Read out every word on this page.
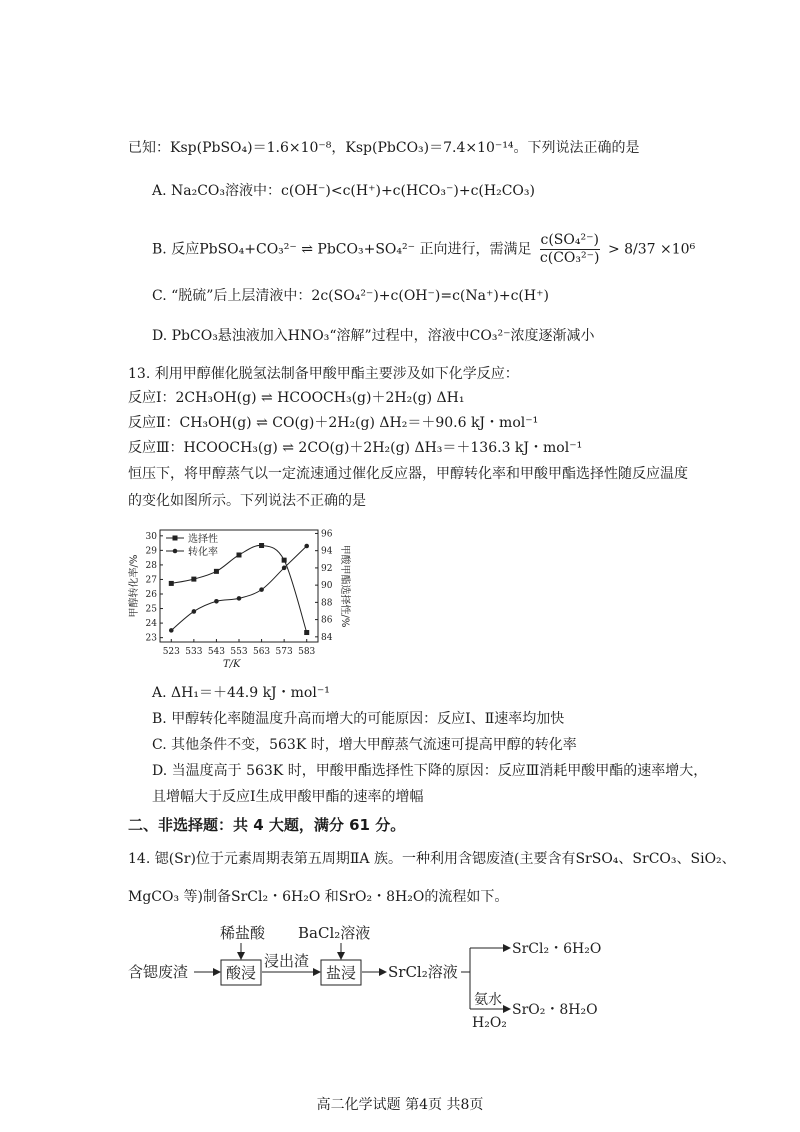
已知：Ksp(PbSO₄)＝1.6×10⁻⁸，Ksp(PbCO₃)＝7.4×10⁻¹⁴。下列说法正确的是
A. Na₂CO₃溶液中：c(OH⁻)<c(H⁺)+c(HCO₃⁻)+c(H₂CO₃)
B. 反应PbSO₄+CO₃²⁻ ⇌ PbCO₃+SO₄²⁻ 正向进行，需满足 $\frac{\text{c(SO₄²⁻)}}{\text{c(CO₃²⁻)}} > 8/37 \times 10^6$
C. “脱硫”后上层清液中：2c(SO₄²⁻)+c(OH⁻)=c(Na⁺)+c(H⁺)
D. PbCO₃悬浊液加入HNO₃“溶解”过程中，溶液中CO₃²⁻浓度逐渐减小
13. 利用甲醇催化脱氢法制备甲酸甲酯主要涉及如下化学反应：
反应Ⅰ：2CH₃OH(g) ⇌ HCOOCH₃(g)＋2H₂(g) ΔH₁
反应Ⅱ：CH₃OH(g) ⇌ CO(g)＋2H₂(g) ΔH₂＝＋90.6 kJ・mol⁻¹
反应Ⅲ：HCOOCH₃(g) ⇌ 2CO(g)＋2H₂(g) ΔH₃＝＋136.3 kJ・mol⁻¹
恒压下，将甲醇蒸气以一定流速通过催化反应器，甲醇转化率和甲酸甲酯选择性随反应温度
的变化如图所示。下列说法不正确的是
523 533 543 553 563 573 583
23
24
25
26
27
28
29
30
84
86
88
90
92
94
96
选择性
转化率
T/K
甲醇转化率/%	甲酸甲酯选择性/%
A. ΔH₁＝＋44.9 kJ・mol⁻¹
B. 甲醇转化率随温度升高而增大的可能原因：反应Ⅰ、Ⅱ速率均加快
C. 其他条件不变，563K 时，增大甲醇蒸气流速可提高甲醇的转化率
D. 当温度高于 563K 时，甲酸甲酯选择性下降的原因：反应Ⅲ消耗甲酸甲酯的速率增大，
且增幅大于反应Ⅰ生成甲酸甲酯的速率的增幅
二、非选择题：共 4 大题，满分 61 分。
14. 锶(Sr)位于元素周期表第五周期ⅡA 族。一种利用含锶废渣(主要含有SrSO₄、SrCO₃、SiO₂、
MgCO₃ 等)制备SrCl₂・6H₂O 和SrO₂・8H₂O的流程如下。
含锶废渣	酸浸
稀盐酸
浸出渣
盐浸
BaCl₂溶液
SrCl₂溶液
SrCl₂・6H₂O
SrO₂・8H₂O
氨水
H₂O₂
高二化学试题 第4页 共8页
